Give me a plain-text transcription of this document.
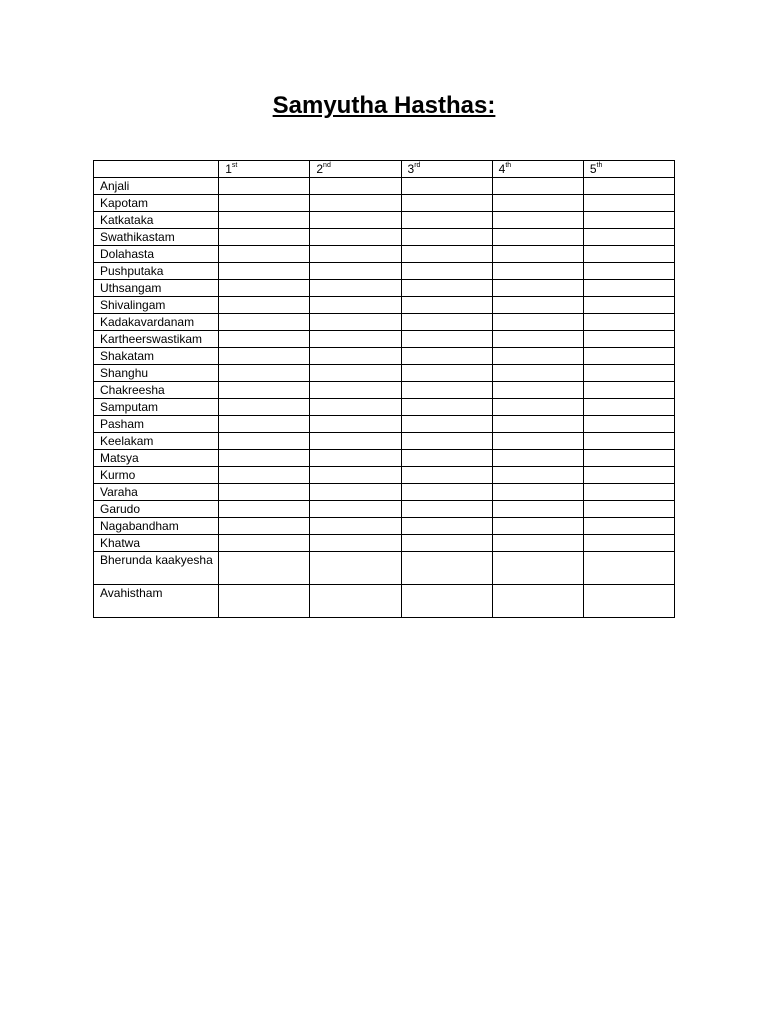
Samyutha Hasthas:
	1st	2nd	3rd	4th	5th
Anjali					
Kapotam					
Katkataka					
Swathikastam					
Dolahasta					
Pushputaka					
Uthsangam					
Shivalingam					
Kadakavardanam					
Kartheerswastikam					
Shakatam					
Shanghu					
Chakreesha					
Samputam					
Pasham					
Keelakam					
Matsya					
Kurmo					
Varaha					
Garudo					
Nagabandham					
Khatwa					
Bherunda kaakyesha					
Avahistham					
